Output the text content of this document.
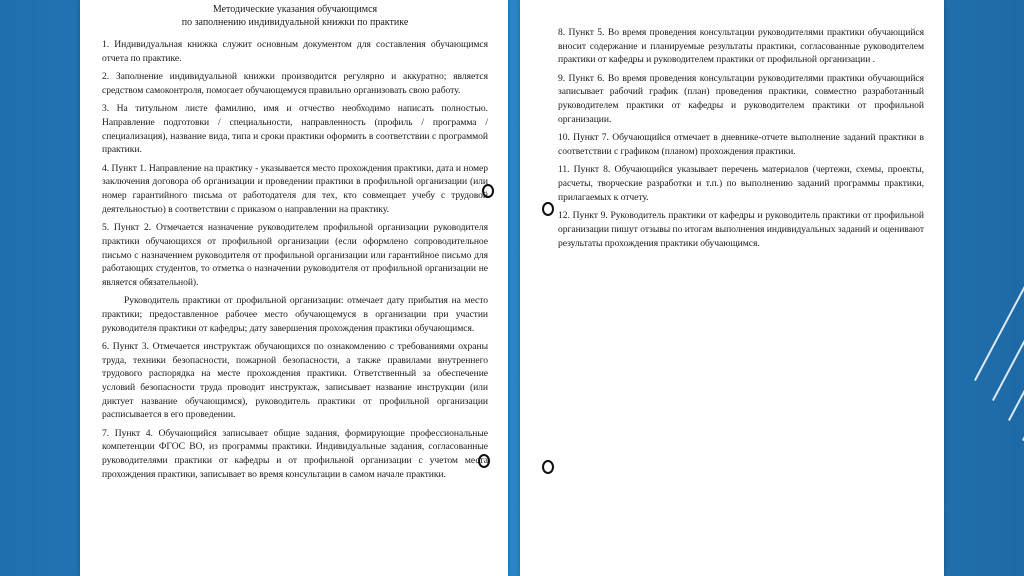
Методические указания обучающимся
по заполнению индивидуальной книжки по практике

1. Индивидуальная книжка служит основным документом для составления обучающимся отчета по практике.

2. Заполнение индивидуальной книжки производится регулярно и аккуратно; является средством самоконтроля, помогает обучающемуся правильно организовать свою работу.

3. На титульном листе фамилию, имя и отчество необходимо написать полностью. Направление подготовки / специальности, направленность (профиль / программа / специализация), название вида, типа и сроки практики оформить в соответствии с программой практики.

4. Пункт 1. Направление на практику - указывается место прохождения практики, дата и номер заключения договора об организации и проведении практики в профильной организации (или номер гарантийного письма от работодателя для тех, кто совмещает учебу с трудовой деятельностью) в соответствии с приказом о направлении на практику.

5. Пункт 2. Отмечается назначение руководителем профильной организации руководителя практики обучающихся от профильной организации (если оформлено сопроводительное письмо с назначением руководителя от профильной организации или гарантийное письмо для работающих студентов, то отметка о назначении руководителя от профильной организации не является обязательной).

Руководитель практики от профильной организации: отмечает дату прибытия на место практики; предоставленное рабочее место обучающемуся в организации при участии руководителя практики от кафедры; дату завершения прохождения практики обучающимся.

6. Пункт 3. Отмечается инструктаж обучающихся по ознакомлению с требованиями охраны труда, техники безопасности, пожарной безопасности, а также правилами внутреннего трудового распорядка на месте прохождения практики. Ответственный за обеспечение условий безопасности труда проводит инструктаж, записывает название инструкции (или диктует название обучающимся), руководитель практики от профильной организации расписывается в его проведении.

7. Пункт 4. Обучающийся записывает общие задания, формирующие профессиональные компетенции ФГОС ВО, из программы практики. Индивидуальные задания, согласованные руководителями практики от кафедры и от профильной организации с учетом места прохождения практики, записывает во время консультации в самом начале практики.

8. Пункт 5. Во время проведения консультации руководителями практики обучающийся вносит содержание и планируемые результаты практики, согласованные руководителем практики от кафедры и руководителем практики от профильной организации .

9. Пункт 6. Во время проведения консультации руководителями практики обучающийся записывает рабочий график (план) проведения практики, совместно разработанный руководителем практики от кафедры и руководителем практики от профильной организации.

10. Пункт 7. Обучающийся отмечает в дневнике-отчете выполнение заданий практики в соответствии с графиком (планом) прохождения практики.

11. Пункт 8. Обучающийся указывает перечень материалов (чертежи, схемы, проекты, расчеты, творческие разработки и т.п.) по выполнению заданий программы практики, прилагаемых к отчету.

12. Пункт 9. Руководитель практики от кафедры и руководитель практики от профильной организации пишут отзывы по итогам выполнения индивидуальных заданий и оценивают результаты прохождения практики обучающимся.
